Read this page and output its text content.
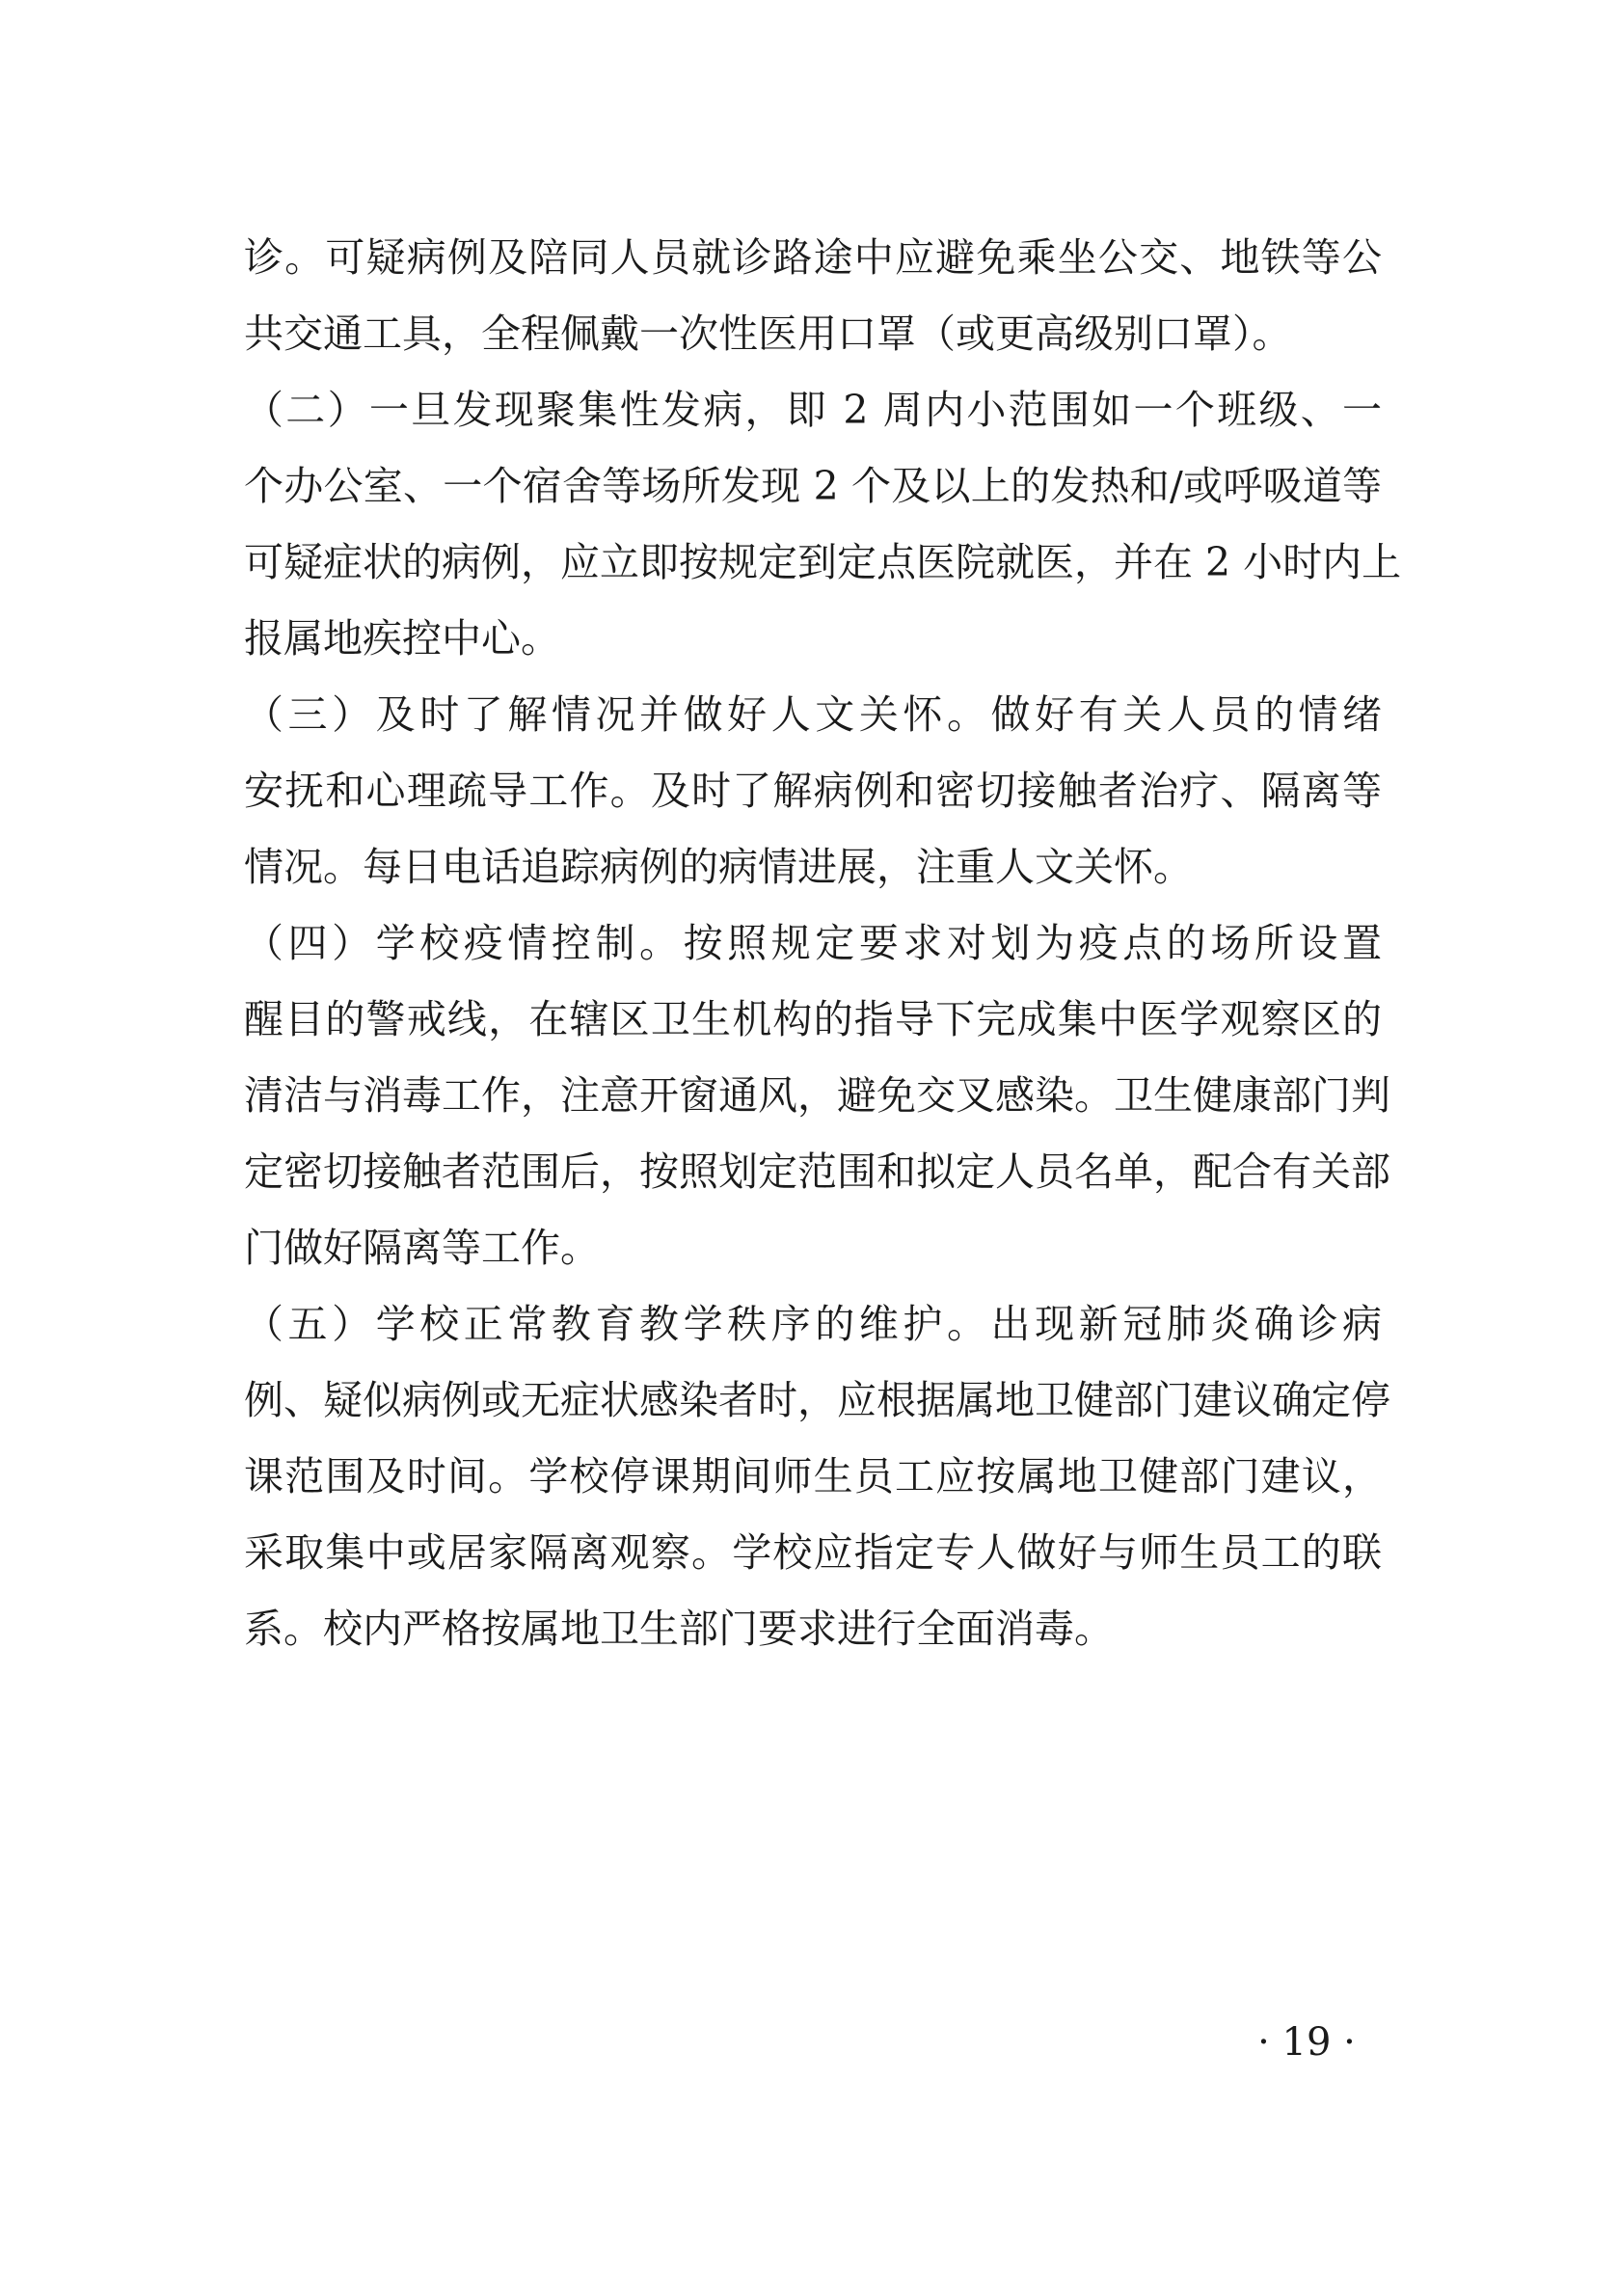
诊。可疑病例及陪同人员就诊路途中应避免乘坐公交、地铁等公
共交通工具，全程佩戴一次性医用口罩（或更高级别口罩）。
（二）一旦发现聚集性发病，即 2 周内小范围如一个班级、一
个办公室、一个宿舍等场所发现 2 个及以上的发热和/或呼吸道等
可疑症状的病例，应立即按规定到定点医院就医，并在 2 小时内上
报属地疾控中心。
（三）及时了解情况并做好人文关怀。做好有关人员的情绪
安抚和心理疏导工作。及时了解病例和密切接触者治疗、隔离等
情况。每日电话追踪病例的病情进展，注重人文关怀。
（四）学校疫情控制。按照规定要求对划为疫点的场所设置
醒目的警戒线，在辖区卫生机构的指导下完成集中医学观察区的
清洁与消毒工作，注意开窗通风，避免交叉感染。卫生健康部门判
定密切接触者范围后，按照划定范围和拟定人员名单，配合有关部
门做好隔离等工作。
（五）学校正常教育教学秩序的维护。出现新冠肺炎确诊病
例、疑似病例或无症状感染者时，应根据属地卫健部门建议确定停
课范围及时间。学校停课期间师生员工应按属地卫健部门建议，
采取集中或居家隔离观察。学校应指定专人做好与师生员工的联
系。校内严格按属地卫生部门要求进行全面消毒。
· 19 ·
